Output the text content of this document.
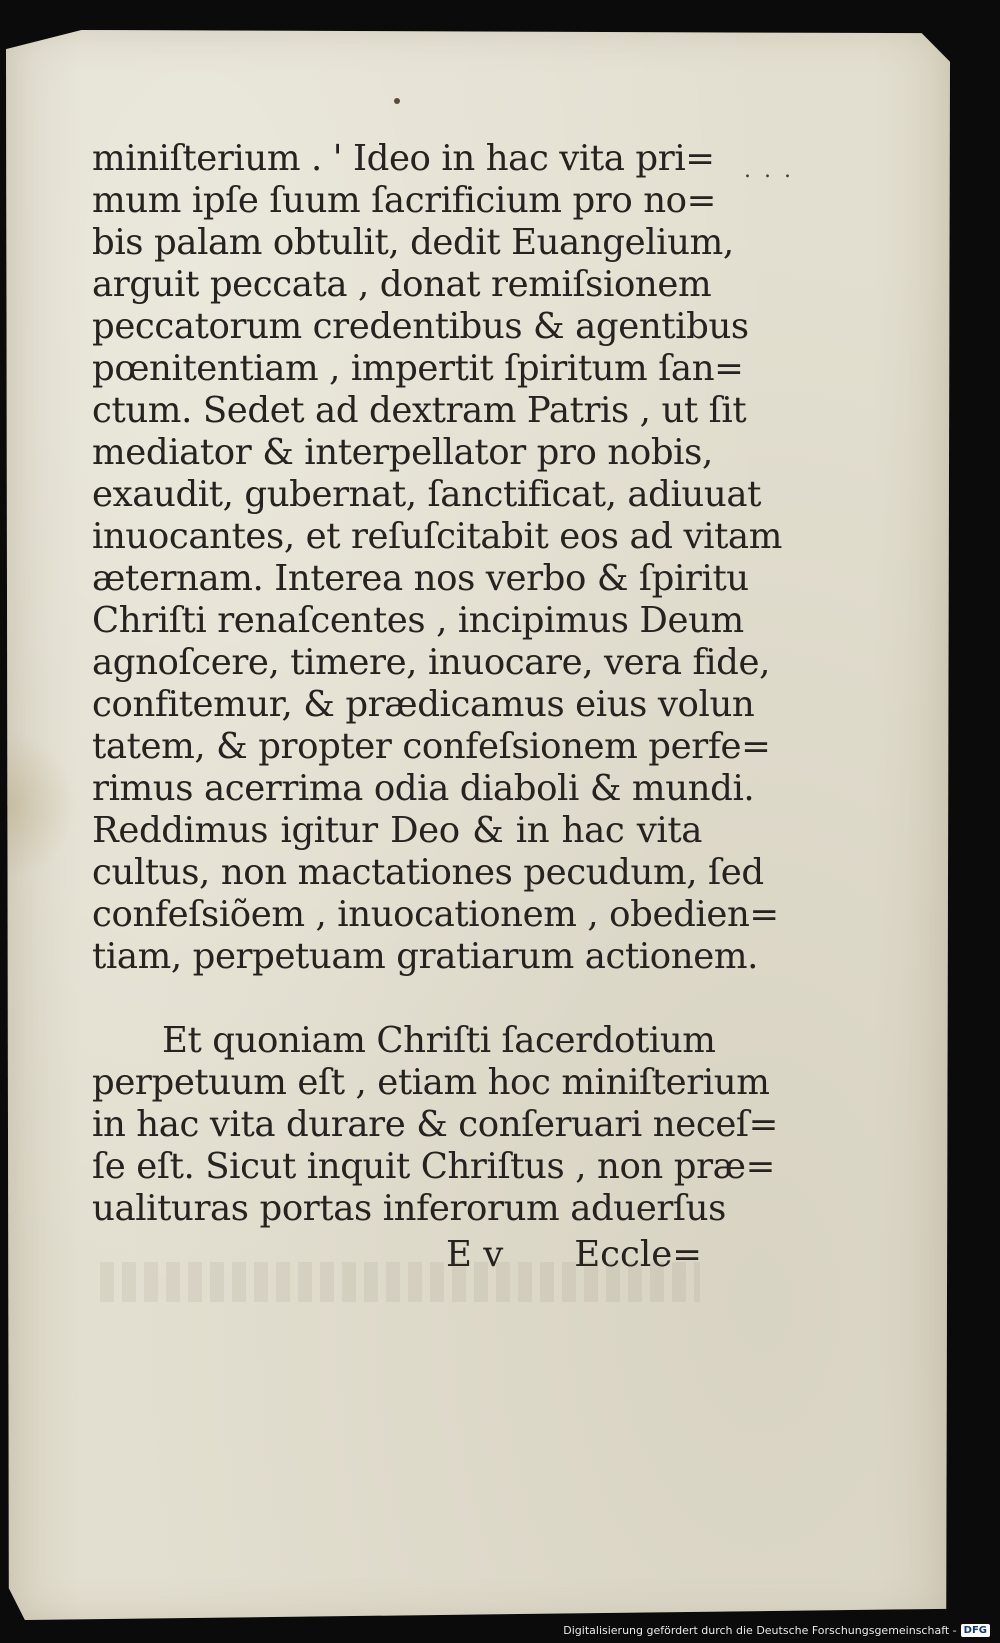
. . .
miniſterium . ' Ideo in hac vita pri=
mum ipſe ſuum ſacrificium pro no=
bis palam obtulit, dedit Euangelium,
arguit peccata , donat remiſsionem
peccatorum credentibus & agentibus
pœnitentiam , impertit ſpiritum ſan=
ctum. Sedet ad dextram Patris , ut ſit
mediator & interpellator pro nobis,
exaudit, gubernat, ſanctificat, adiuuat
inuocantes, et reſuſcitabit eos ad vitam
æternam. Interea nos verbo & ſpiritu
Chriſti renaſcentes , incipimus Deum
agnoſcere, timere, inuocare, vera fide,
confitemur, & prædicamus eius volun
tatem, & propter confeſsionem perfe=
rimus acerrima odia diaboli & mundi.
Reddimus igitur Deo & in hac vita
cultus, non mactationes pecudum, ſed
confeſsiõem , inuocationem , obedien=
tiam, perpetuam gratiarum actionem.
Et quoniam Chriſti ſacerdotium
perpetuum eſt , etiam hoc miniſterium
in hac vita durare & conſeruari neceſ=
ſe eſt. Sicut inquit Chriſtus , non præ=
ualituras portas inferorum aduerſus
E v Eccle=
Digitalisierung gefördert durch die Deutsche Forschungsgemeinschaft - DFG
